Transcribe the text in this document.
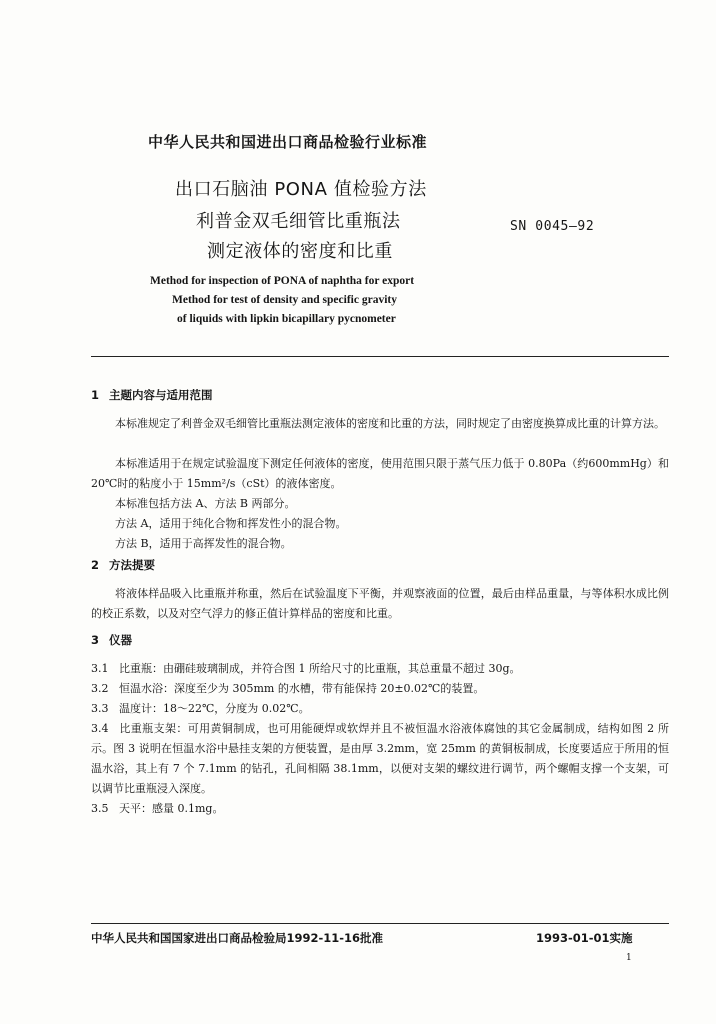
中华人民共和国进出口商品检验行业标准
出口石脑油 PONA 值检验方法
利普金双毛细管比重瓶法
测定液体的密度和比重
SN 0045—92
Method for inspection of PONA of naphtha for export
Method for test of density and specific gravity
of liquids with lipkin bicapillary pycnometer
1 主题内容与适用范围
本标准规定了利普金双毛细管比重瓶法测定液体的密度和比重的方法，同时规定了由密度换算成比重的计算方法。
本标准适用于在规定试验温度下测定任何液体的密度，使用范围只限于蒸气压力低于 0.80Pa（约600mmHg）和 20℃时的粘度小于 15mm²/s（cSt）的液体密度。
本标准包括方法 A、方法 B 两部分。
方法 A，适用于纯化合物和挥发性小的混合物。
方法 B，适用于高挥发性的混合物。
2 方法提要
将液体样品吸入比重瓶并称重，然后在试验温度下平衡，并观察液面的位置，最后由样品重量，与等体积水成比例的校正系数，以及对空气浮力的修正值计算样品的密度和比重。
3 仪器
3.1 比重瓶：由硼硅玻璃制成，并符合图 1 所给尺寸的比重瓶，其总重量不超过 30g。
3.2 恒温水浴：深度至少为 305mm 的水槽，带有能保持 20±0.02℃的装置。
3.3 温度计：18～22℃，分度为 0.02℃。
3.4 比重瓶支架：可用黄铜制成，也可用能硬焊或软焊并且不被恒温水浴液体腐蚀的其它金属制成，结构如图 2 所示。图 3 说明在恒温水浴中悬挂支架的方便装置，是由厚 3.2mm，宽 25mm 的黄铜板制成，长度要适应于所用的恒温水浴，其上有 7 个 7.1mm 的钻孔，孔间相隔 38.1mm，以便对支架的螺纹进行调节，两个螺帽支撑一个支架，可以调节比重瓶浸入深度。
3.5 天平：感量 0.1mg。
中华人民共和国国家进出口商品检验局1992-11-16批准	1993-01-01实施
1
